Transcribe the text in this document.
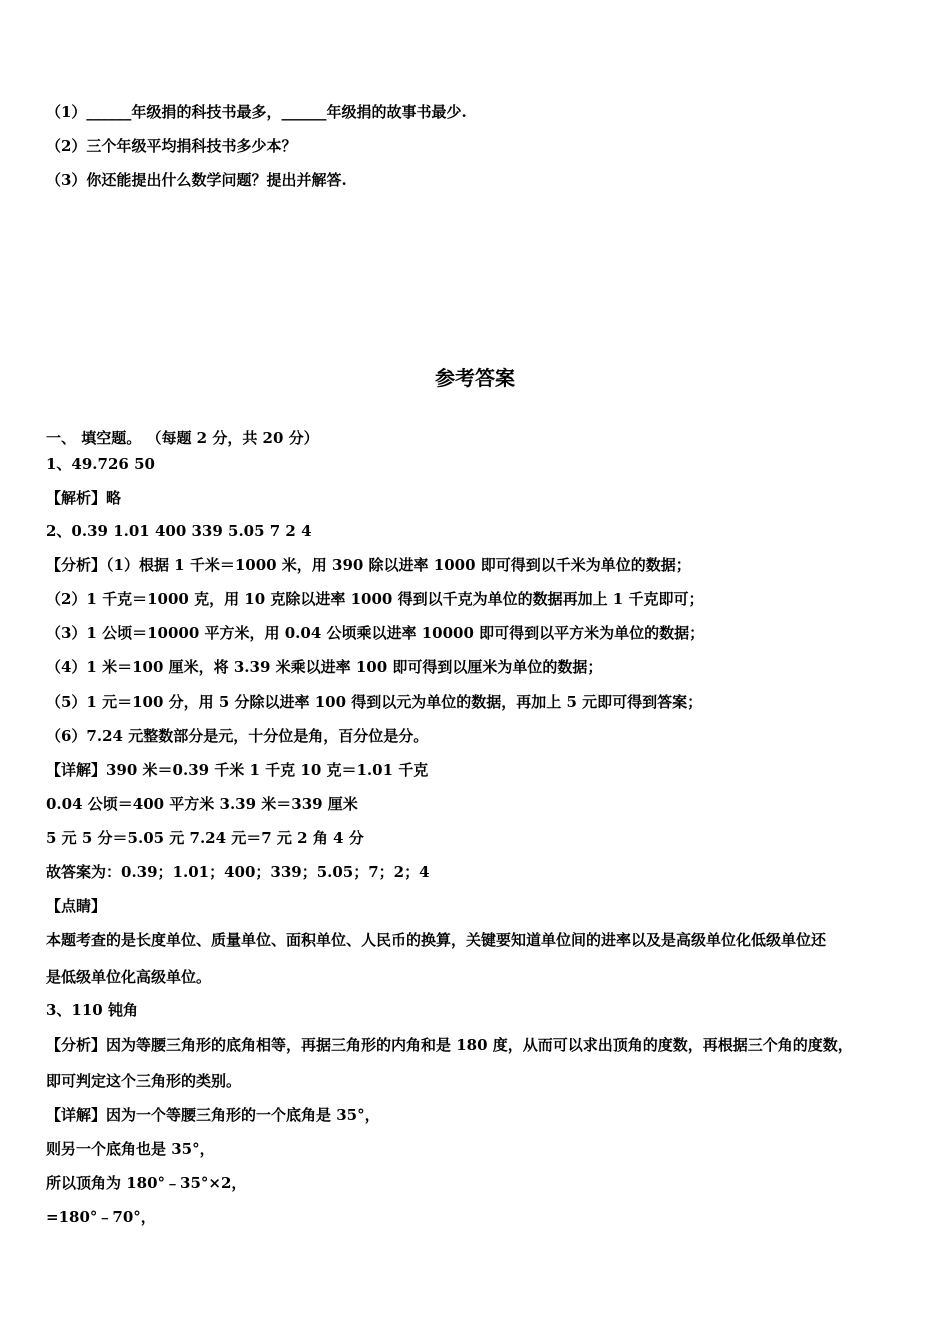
（1）______年级捐的科技书最多，______年级捐的故事书最少.
（2）三个年级平均捐科技书多少本？
（3）你还能提出什么数学问题？提出并解答.
参考答案
一、 填空题。 （每题 2 分，共 20 分）
1、49.726 50
【解析】略
2、0.39 1.01 400 339 5.05 7 2 4
【分析】（1）根据 1 千米＝1000 米，用 390 除以进率 1000 即可得到以千米为单位的数据；
（2）1 千克＝1000 克，用 10 克除以进率 1000 得到以千克为单位的数据再加上 1 千克即可；
（3）1 公顷＝10000 平方米，用 0.04 公顷乘以进率 10000 即可得到以平方米为单位的数据；
（4）1 米＝100 厘米，将 3.39 米乘以进率 100 即可得到以厘米为单位的数据；
（5）1 元＝100 分，用 5 分除以进率 100 得到以元为单位的数据，再加上 5 元即可得到答案；
（6）7.24 元整数部分是元，十分位是角，百分位是分。
【详解】390 米＝0.39 千米 1 千克 10 克＝1.01 千克
0.04 公顷＝400 平方米 3.39 米＝339 厘米
5 元 5 分＝5.05 元 7.24 元＝7 元 2 角 4 分
故答案为：0.39；1.01；400；339；5.05；7；2；4
【点睛】
本题考查的是长度单位、质量单位、面积单位、人民币的换算，关键要知道单位间的进率以及是高级单位化低级单位还
是低级单位化高级单位。
3、110 钝角
【分析】因为等腰三角形的底角相等，再据三角形的内角和是 180 度，从而可以求出顶角的度数，再根据三个角的度数，
即可判定这个三角形的类别。
【详解】因为一个等腰三角形的一个底角是 35°，
则另一个底角也是 35°，
所以顶角为 180°﹣35°×2，
=180°﹣70°，
